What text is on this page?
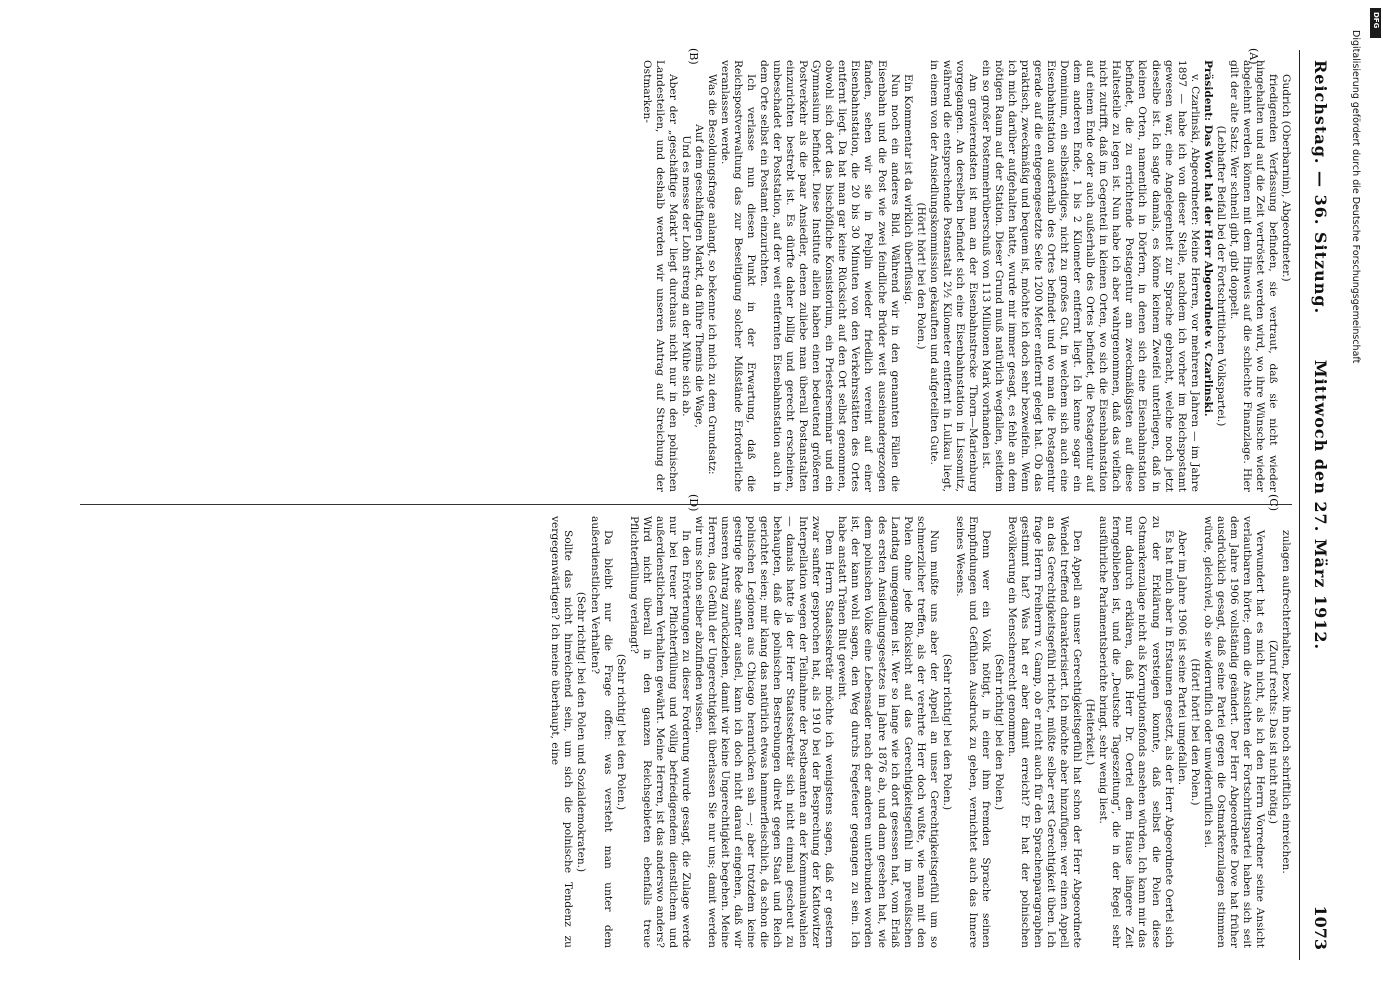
Reichstag. — 36. Sitzung.
Mittwoch den 27. März 1912.
1073

Gudrich (Oberbarnim), Abgeordneter.)

friedigenden Verfassung befinden, sie vertraut, daß sie nicht wieder hingehalten und auf die Zeit vertröstet werden wird, wo ihre Wünsche wieder abgelehnt werden können mit dem Hinweis auf die schlechte Finanzlage. Hier gilt der alte Satz: Wer schnell gibt, gibt doppelt.

(Lebhafter Beifall bei der Fortschrittlichen Volkspartei.)

Präsident: Das Wort hat der Herr Abgeordnete v. Czarlinski.

v. Czarlinski, Abgeordneter: Meine Herren, vor mehreren Jahren — im Jahre 1897 — habe ich von dieser Stelle, nachdem ich vorher im Reichspostamt gewesen war, eine Angelegenheit zur Sprache gebracht, welche noch jetzt dieselbe ist. Ich sagte damals, es könne keinem Zweifel unterliegen, daß in kleinen Orten, namentlich in Dörfern, in denen sich eine Eisenbahnstation befindet, die zu errichtende Postagentur am zweckmäßigsten auf diese Haltestelle zu legen ist. Nun habe ich aber wahrgenommen, daß das vielfach nicht zutrifft, daß im Gegenteil in kleinen Orten, wo sich die Eisenbahnstation auf einem Ende oder auch außerhalb des Ortes befindet, die Postagentur auf dem anderen Ende, 1 bis 2 Kilometer entfernt liegt. Ich kenne sogar ein Dominium, ein selbständiges, nicht zu großes Gut, in welchem sich auch eine Eisenbahnstation außerhalb des Ortes befindet und wo man die Postagentur gerade auf die entgegengesetzte Seite 1200 Meter entfernt gelegt hat. Ob das praktisch, zweckmäßig und bequem ist, möchte ich doch sehr bezweifeln. Wenn ich mich darüber aufgehalten hatte, wurde mir immer gesagt, es fehle an dem nötigen Raum auf der Station. Dieser Grund muß natürlich wegfallen, seitdem ein so großer Postenmehrüberschuß von 113 Millionen Mark vorhanden ist.

Am gravierendsten ist man an der Eisenbahnstrecke Thorn—Marienburg vorgegangen. An derselben befindet sich eine Eisenbahnstation in Lissomitz, während die entsprechende Postanstalt 2½ Kilometer entfernt in Lulkau liegt, in einem von der Ansiedlungskommission gekauften und aufgeteilten Gute.

(Hört! hört! bei den Polen.)

Ein Kommentar ist da wirklich überflüssig.

Nun noch ein anderes Bild. Während wir in den genannten Fällen die Eisenbahn und die Post wie zwei feindliche Brüder weit auseinandergezogen fanden, sehen wir sie in Pelplin wieder friedlich vereint auf einer Eisenbahnstation, die 20 bis 30 Minuten von den Verkehrsstätten des Ortes entfernt liegt. Da hat man gar keine Rücksicht auf den Ort selbst genommen, obwohl sich dort das bischöfliche Konsistorium, ein Priesterseminar und ein Gymnasium befindet. Diese Institute allein haben einen bedeutend größeren Postverkehr als die paar Ansiedler, denen zuliebe man überall Postanstalten einzurichten bestrebt ist. Es dürfte daher billig und gerecht erscheinen, unbeschadet der Poststation, auf der weit entfernten Eisenbahnstation auch in dem Orte selbst ein Postamt einzurichten.

Ich verlasse nun diesen Punkt in der Erwartung, daß die Reichspostverwaltung das zur Beseitigung solcher Mißstände Erforderliche veranlassen werde.

Was die Besoldungsfrage anlangt, so bekenne ich mich zu dem Grundsatz:

Auf dem geschäftigen Markt, da führe Themis die Wage,

Und es messe der Lohn streng an der Mühe sich ab.

Aber der „geschäftige Markt“ liegt durchaus nicht nur in den polnischen Landesteilen, und deshalb werden wir unseren Antrag auf Streichung der Ostmarken-

zulagen aufrechterhalten, bezw. ihn noch schriftlich einreichen.

(Zuruf rechts: Das ist nicht nötig.)

Verwundert hat es mich nicht, als ich den Herrn Vorredner seine Ansicht verlautbaren hörte; denn die Ansichten der Fortschrittspartei haben sich seit dem Jahre 1906 vollständig geändert. Der Herr Abgeordnete Dove hat früher ausdrücklich gesagt, daß seine Partei gegen die Ostmarkenzulagen stimmen würde, gleichviel, ob sie widerruflich oder unwiderruflich sei.

(Hört! hört! bei den Polen.)

Aber im Jahre 1906 ist seine Partei umgefallen.

Es hat mich aber in Erstaunen gesetzt, als der Herr Abgeordnete Oertel sich zu der Erklärung versteigen konnte, daß selbst die Polen diese Ostmarkenzulage nicht als Korruptionsfonds ansehen würden. Ich kann mir das nur dadurch erklären, daß Herr Dr. Oertel dem Hause längere Zeit ferngeblieben ist, und die „Deutsche Tageszeitung“, die in der Regel sehr ausführliche Parlamentsberichte bringt, sehr wenig liest.

(Heiterkeit.)

Den Appell an unser Gerechtigkeitsgefühl hat schon der Herr Abgeordnete Wendel treffend charakterisiert. Ich möchte aber hinzufügen: wer einen Appell an das Gerechtigkeitsgefühl richtet, müßte selber erst Gerechtigkeit üben. Ich frage Herrn Freiherrn v. Gamp, ob er nicht auch für den Sprachenparagraphen gestimmt hat? Was hat er aber damit erreicht? Er hat der polnischen Bevölkerung ein Menschenrecht genommen.

(Sehr richtig! bei den Polen.)

Denn wer ein Volk nötigt, in einer ihm fremden Sprache seinen Empfindungen und Gefühlen Ausdruck zu geben, vernichtet auch das Innere seines Wesens.

(Sehr richtig! bei den Polen.)

Nun mußte uns aber der Appell an unser Gerechtigkeitsgefühl um so schmerzlicher treffen, als der verehrte Herr doch wußte, wie man mit den Polen ohne jede Rücksicht auf das Gerechtigkeitsgefühl im preußischen Landtag umgegangen ist. Wer so lange wie ich dort gesessen hat, vom Erlaß des ersten Ansiedlungsgesetzes im Jahre 1876 ab, und dann gesehen hat, wie dem polnischen Volke eine Lebensader nach der anderen unterbunden worden ist, der kann wohl sagen, den Weg durchs Fegefeuer gegangen zu sein. Ich habe anstatt Tränen Blut geweint.

Dem Herrn Staatssekretär möchte ich wenigstens sagen, daß er gestern zwar sanfter gesprochen hat, als 1910 bei der Besprechung der Kattowitzer Interpellation wegen der Teilnahme der Postbeamten an der Kommunalwahlen — damals hatte ja der Herr Staatssekretär sich nicht einmal gescheut zu behaupten, daß die polnischen Bestrebungen direkt gegen Staat und Reich gerichtet seien; mir klang das natürlich etwas hammerfleischlich, da schon die polnischen Legionen aus Chicago heranrücken sah —; aber trotzdem keine gestrige Rede sanfter ausfiel, kann ich doch nicht darauf eingehen, daß wir unseren Antrag zurückziehen, damit wir keine Ungerechtigkeit begehen. Meine Herren, das Gefühl der Ungerechtigkeit überlassen Sie nur uns; damit werden wir uns schon selber abzufinden wissen.

In den Erörterungen zu dieser Forderung wurde gesagt, die Zulage werde nur bei treuer Pflichterfüllung und völlig befriedigendem dienstlichem und außerdienstlichem Verhalten gewährt. Meine Herren, ist das anderswo anders? Wird nicht überall in den ganzen Reichsgebieten ebenfalls treue Pflichterfüllung verlangt?

(Sehr richtig! bei den Polen.)

Da bleibt nur die Frage offen: was versteht man unter dem außerdienstlichen Verhalten?

(Sehr richtig! bei den Polen und Sozialdemokraten.)

Sollte das nicht hinreichend sein, um sich die polnische Tendenz zu vergegenwärtigen? Ich meine überhaupt, eine

(A)
(B)
(C)
(D)
Digitalisierung gefördert durch die Deutsche Forschungsgemeinschaft
DFG
